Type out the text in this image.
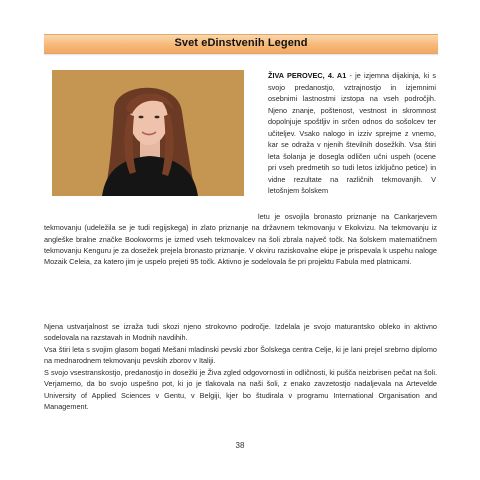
Svet eDinstvenih Legend
ŽIVA PEROVEC, 4. A1 - je izjemna dijakinja, ki s svojo predanostjo, vztrajnostjo in izjemnimi osebnimi lastnostmi izstopa na vseh področjih. Njeno znanje, poštenost, vestnost in skromnost dopolnjuje spoštljiv in srčen odnos do sošolcev ter učiteljev. Vsako nalogo in izziv sprejme z vnemo, kar se odraža v njenih številnih dosežkih. Vsa štiri leta šolanja je dosegla odličen učni uspeh (ocene pri vseh predmetih so tudi letos izključno petice) in vidne rezultate na različnih tekmovanjih. V letošnjem šolskem
letu je osvojila bronasto priznanje na Cankarjevem tekmovanju (udeležila se je tudi regijskega) in zlato priznanje na državnem tekmovanju v Ekokvizu. Na tekmovanju iz angleške bralne značke Bookworms je izmed vseh tekmovalcev na šoli zbrala največ točk. Na šolskem matematičnem tekmovanju Kenguru je za dosežek prejela bronasto priznanje. V okviru raziskovalne ekipe je prispevala k uspehu naloge Mozaik Celeia, za katero jim je uspelo prejeti 95 točk. Aktivno je sodelovala še pri projektu Fabula med platnicami.
Njena ustvarjalnost se izraža tudi skozi njeno strokovno področje. Izdelala je svojo maturantsko obleko in aktivno sodelovala na razstavah in Modnih navdihih.
Vsa štiri leta s svojim glasom bogati Mešani mladinski pevski zbor Šolskega centra Celje, ki je lani prejel srebrno diplomo na mednarodnem tekmovanju pevskih zborov v Italiji.
S svojo vsestranskostjo, predanostjo in dosežki je Živa zgled odgovornosti in odličnosti, ki pušča neizbrisen pečat na šoli. Verjamemo, da bo svojo uspešno pot, ki jo je tlakovala na naši šoli, z enako zavzetostjo nadaljevala na Artevelde University of Applied Sciences v Gentu, v Belgiji, kjer bo študirala v programu International Organisation and Management.
38
